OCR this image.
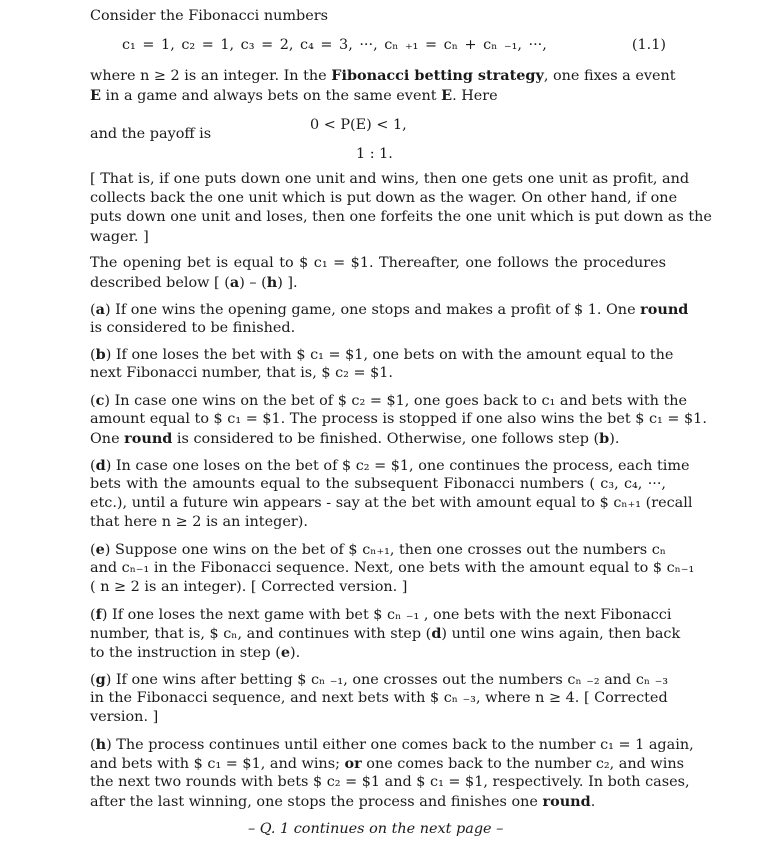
Consider the Fibonacci numbers
c₁ = 1, c₂ = 1, c₃ = 2, c₄ = 3, ···, cₙ ₊₁ = cₙ + cₙ ₋₁, ···,	(1.1)
where n ≥ 2 is an integer. In the Fibonacci betting strategy, one fixes a event
E in a game and always bets on the same event E. Here
0 < P(E) < 1,
and the payoff is
1 : 1.
[ That is, if one puts down one unit and wins, then one gets one unit as profit, and
collects back the one unit which is put down as the wager. On other hand, if one
puts down one unit and loses, then one forfeits the one unit which is put down as the
wager. ]
The opening bet is equal to $ c₁ = $1. Thereafter, one follows the procedures
described below [ (a) – (h) ].
(a) If one wins the opening game, one stops and makes a profit of $ 1. One round
is considered to be finished.
(b) If one loses the bet with $ c₁ = $1, one bets on with the amount equal to the
next Fibonacci number, that is, $ c₂ = $1.
(c) In case one wins on the bet of $ c₂ = $1, one goes back to c₁ and bets with the
amount equal to $ c₁ = $1. The process is stopped if one also wins the bet $ c₁ = $1.
One round is considered to be finished. Otherwise, one follows step (b).
(d) In case one loses on the bet of $ c₂ = $1, one continues the process, each time
bets with the amounts equal to the subsequent Fibonacci numbers ( c₃, c₄, ···,
etc.), until a future win appears - say at the bet with amount equal to $ cₙ₊₁ (recall
that here n ≥ 2 is an integer).
(e) Suppose one wins on the bet of $ cₙ₊₁, then one crosses out the numbers cₙ
and cₙ₋₁ in the Fibonacci sequence. Next, one bets with the amount equal to $ cₙ₋₁
( n ≥ 2 is an integer). [ Corrected version. ]
(f) If one loses the next game with bet $ cₙ ₋₁ , one bets with the next Fibonacci
number, that is, $ cₙ, and continues with step (d) until one wins again, then back
to the instruction in step (e).
(g) If one wins after betting $ cₙ ₋₁, one crosses out the numbers cₙ ₋₂ and cₙ ₋₃
in the Fibonacci sequence, and next bets with $ cₙ ₋₃, where n ≥ 4. [ Corrected
version. ]
(h) The process continues until either one comes back to the number c₁ = 1 again,
and bets with $ c₁ = $1, and wins; or one comes back to the number c₂, and wins
the next two rounds with bets $ c₂ = $1 and $ c₁ = $1, respectively. In both cases,
after the last winning, one stops the process and finishes one round.
– Q. 1 continues on the next page –
